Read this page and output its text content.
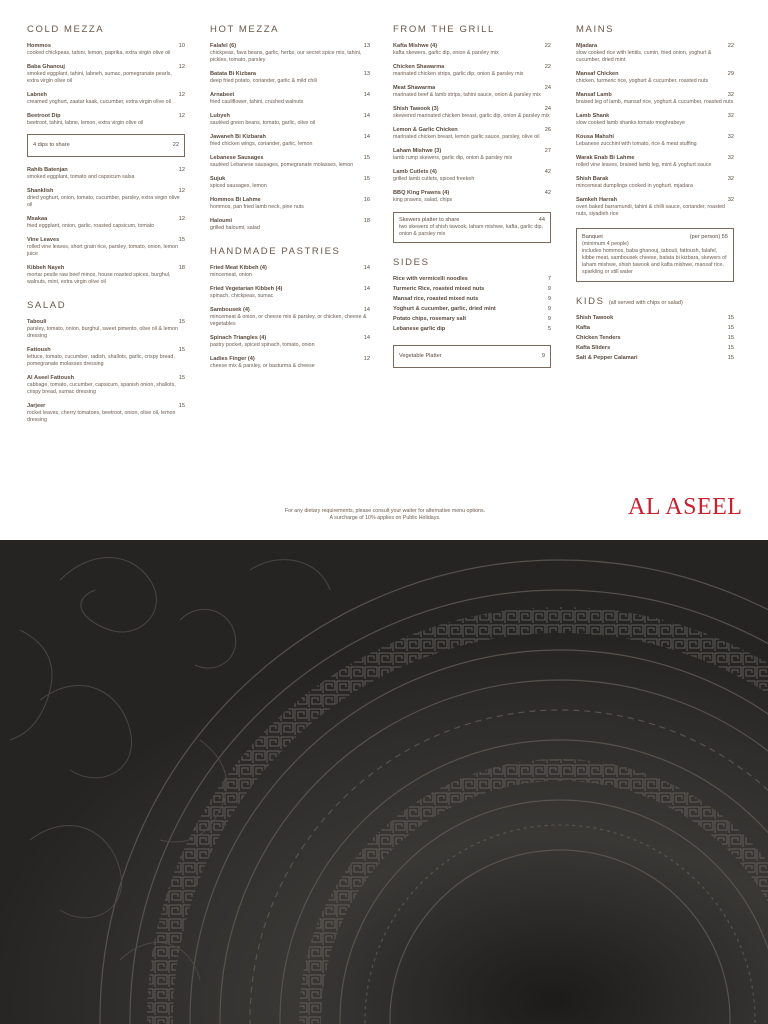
COLD MEZZA
Hommos	10
cooked chickpeas, tahini, lemon, paprika, extra virgin olive oil
Baba Ghanouj	12
smoked eggplant, tahini, labneh, sumac, pomegranate pearls, extra virgin olive oil
Labneh	12
creamed yoghurt, zaatar kaak, cucumber, extra virgin olive oil
Beetroot Dip	12
beetroot, tahini, labne, lemon, extra virgin olive oil
4 dips to share	22
Rahib Batenjan	12
smoked eggplant, tomato and capsicum salsa
Shanklish	12
dried yoghurt, onion, tomato, cucumber, parsley, extra virgin olive oil
Msakaa	12
fried eggplant, onion, garlic, roasted capsicum, tomato
Vine Leaves	15
rolled vine leaves, short grain rice, parsley, tomato, onion, lemon juice
Kibbeh Nayeh	18
mortar pestle raw beef mince, house roasted spices, burghul, walnuts, mint, extra virgin olive oil
SALAD
Tabouli	15
parsley, tomato, onion, burghul, sweet pimento, olive oil & lemon dressing
Fattoush	15
lettuce, tomato, cucumber, radish, shallots, garlic, crispy bread, pomegranate molasses dressing
Al Aseel Fattoush	15
cabbage, tomato, cucumber, capsicum, spanish onion, shallots, crispy bread, sumac dressing
Jarjeer	15
rocket leaves, cherry tomatoes, beetroot, onion, olive oil, lemon dressing
HOT MEZZA
Falafel (6)	13
chickpeas, fava beans, garlic, herbs, our secret spice mix, tahini, pickles, tomato, parsley
Batata Bi Kizbara	13
deep fried potato, coriander, garlic & mild chili
Arnabeet	14
fried cauliflower, tahini, crushed walnuts
Lubyeh	14
sautéed green beans, tomato, garlic, olive oil
Jawaneh Bi Kizbarah	14
fried chicken wings, coriander, garlic, lemon
Lebanese Sausages	15
sautéed Lebanese sausages, pomegranate molasses, lemon
Sujuk	15
spiced sausages, lemon
Hommos Bi Lahme	16
hommos, pan fried lamb neck, pine nuts
Haloumi	18
grilled haloumi, salad
HANDMADE PASTRIES
Fried Meat Kibbeh (4)	14
mincemeat, onion
Fried Vegetarian Kibbeh (4)	14
spinach, chickpeas, sumac
Sambousek (4)	14
mincemeat & onion, or cheese mix & parsley, or chicken, cheese & vegetables
Spinach Triangles (4)	14
pastry pocket, spiced spinach, tomato, onion
Ladies Finger (4)	12
cheese mix & parsley, or basturma & cheese
FROM THE GRILL
Kafta Mishwe (4)	22
kafta skewers, garlic dip, onion & parsley mix
Chicken Shawarma	22
marinated chicken strips, garlic dip, onion & parsley mix
Meat Shawarma	24
marinated beef & lamb strips, tahini sauce, onion & parsley mix
Shish Tawook (3)	24
skewered marinated chicken breast, garlic dip, onion & parsley mix
Lemon & Garlic Chicken	26
marinated chicken breast, lemon garlic sauce, parsley, olive oil
Laham Mishwe (3)	27
lamb rump skewers, garlic dip, onion & parsley mix
Lamb Cutlets (4)	42
grilled lamb cutlets, spiced freekeh
BBQ King Prawns (4)	42
king prawns, salad, chips
Skewers platter to share	44
two skewers of shish tawook, laham mishwe, kafta, garlic dip, onion & parsley mix
SIDES
Rice with vermicelli noodles	7
Turmeric Rice, roasted mixed nuts	9
Mansaf rice, roasted mixed nuts	9
Yoghurt & cucumber, garlic, dried mint	9
Potato chips, rosemary salt	9
Lebanese garlic dip	5
Vegetable Platter	9
MAINS
Mjadara	22
slow cooked rice with lentils, cumin, fried onion, yoghurt & cucumber, dried mint
Mansaf Chicken	29
chicken, turmeric rice, yoghurt & cucumber, roasted nuts
Mansaf Lamb	32
braised leg of lamb, mansaf rice, yoghurt & cucumber, roasted nuts
Lamb Shank	32
slow cooked lamb shanks tomato moghrabeye
Kousa Mahshi	32
Lebanese zucchini with tomato, rice & meat stuffing
Warak Enab Bi Lahme	32
rolled vine leaves, braised lamb leg, mint & yoghurt sauce
Shish Barak	32
mincemeat dumplings cooked in yoghurt, mjadara
Samkeh Harrah	32
oven baked barramundi, tahini & chilli sauce, coriander, roasted nuts, siyadieh rice
Banquet	(per person) 55
(minimum 4 people)
includes hommos, baba ghanouj, tabouli, fattoush, falafel, kibbe meat, sambousek cheese, batata bi kizbara, skewers of laham mishwe, shish tawook and kafta mishwe, mansaf rice, sparkling or still water
KIDS (all served with chips or salad)
Shish Tawook	15
Kafta	15
Chicken Tenders	15
Kafta Sliders	15
Salt & Pepper Calamari	15
For any dietary requirements, please consult your waiter for alternative menu options.
A surcharge of 10% applies on Public Holidays.	AL ASEEL
